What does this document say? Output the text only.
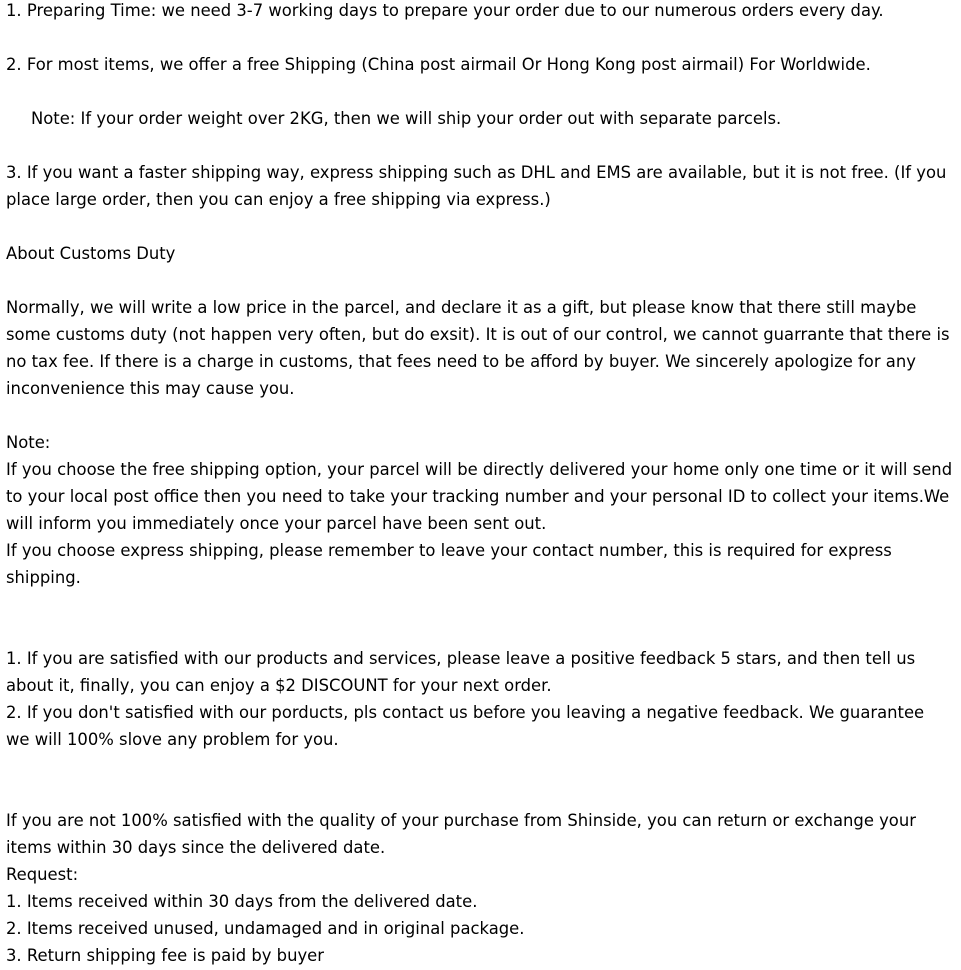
1. Preparing Time: we need 3-7 working days to prepare your order due to our numerous orders every day.
2. For most items, we offer a free Shipping (China post airmail Or Hong Kong post airmail) For Worldwide.
Note: If your order weight over 2KG, then we will ship your order out with separate parcels.
3. If you want a faster shipping way, express shipping such as DHL and EMS are available, but it is not free. (If you
place large order, then you can enjoy a free shipping via express.)
About Customs Duty
Normally, we will write a low price in the parcel, and declare it as a gift, but please know that there still maybe
some customs duty (not happen very often, but do exsit). It is out of our control, we cannot guarrante that there is
no tax fee. If there is a charge in customs, that fees need to be afford by buyer. We sincerely apologize for any
inconvenience this may cause you.
Note:
If you choose the free shipping option, your parcel will be directly delivered your home only one time or it will send
to your local post office then you need to take your tracking number and your personal ID to collect your items.We
will inform you immediately once your parcel have been sent out.
If you choose express shipping, please remember to leave your contact number, this is required for express
shipping.
1. If you are satisfied with our products and services, please leave a positive feedback 5 stars, and then tell us
about it, finally, you can enjoy a $2 DISCOUNT for your next order.
2. If you don't satisfied with our porducts, pls contact us before you leaving a negative feedback. We guarantee
we will 100% slove any problem for you.
If you are not 100% satisfied with the quality of your purchase from Shinside, you can return or exchange your
items within 30 days since the delivered date.
Request:
1. Items received within 30 days from the delivered date.
2. Items received unused, undamaged and in original package.
3. Return shipping fee is paid by buyer
